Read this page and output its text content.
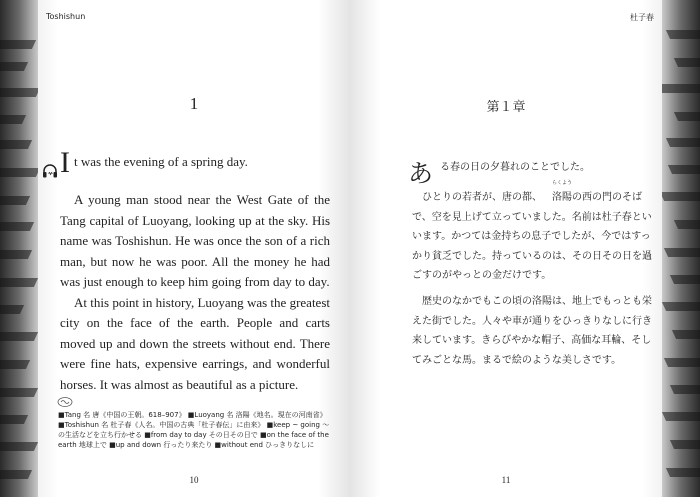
Toshishun
1
I t was the evening of a spring day.

A young man stood near the West Gate of the Tang capital of Luoyang, looking up at the sky. His name was Toshishun. He was once the son of a rich man, but now he was poor. All the money he had was just enough to keep him going from day to day.

At this point in history, Luoyang was the greatest city on the face of the earth. People and carts moved up and down the streets without end. There were fine hats, expensive earrings, and wonderful horses. It was almost as beautiful as a picture.

■Tang 名 唐《中国の王朝。618–907》 ■Luoyang 名 洛陽《地名。現在の河南省》 ■Toshishun 名 杜子春《人名。中国の古典「杜子春伝」に由来》 ■keep ~ going ～の生活などを立ち行かせる ■from day to day その日その日で ■on the face of the earth 地球上で ■up and down 行ったり来たり ■without end ひっきりなしに
10
杜子春
第１章
あ る春の日の夕暮れのことでした。

ひとりの若者が、唐の都、
らくよう
洛陽の西の門のそばで、空を見上げて立っていました。名前は杜子春といいます。かつては金持ちの息子でしたが、今ではすっかり貧乏でした。持っているのは、その日その日を過ごすのがやっとの金だけです。

歴史のなかでもこの頃の洛陽は、地上でもっとも栄えた街でした。人々や車が通りをひっきりなしに行き来しています。きらびやかな帽子、高価な耳輪、そしてみごとな馬。まるで絵のような美しさです。

11
